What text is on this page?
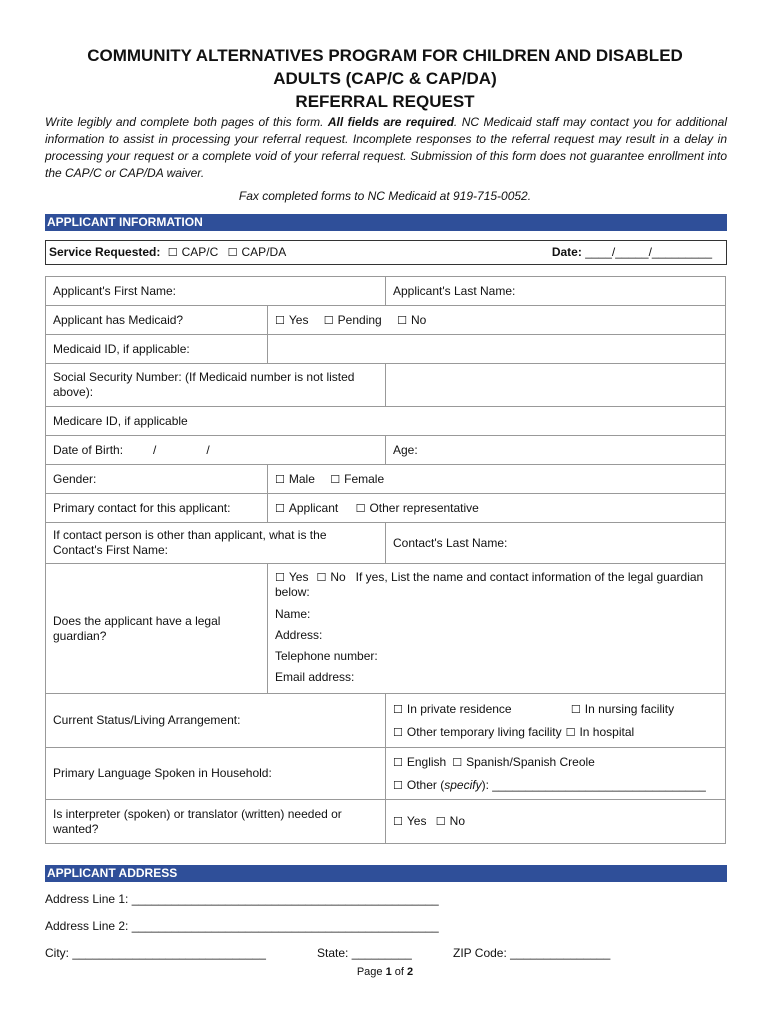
COMMUNITY ALTERNATIVES PROGRAM FOR CHILDREN AND DISABLED
ADULTS (CAP/C & CAP/DA)
REFERRAL REQUEST
Write legibly and complete both pages of this form. All fields are required. NC Medicaid staff may contact you for additional information to assist in processing your referral request. Incomplete responses to the referral request may result in a delay in processing your request or a complete void of your referral request. Submission of this form does not guarantee enrollment into the CAP/C or CAP/DA waiver.
Fax completed forms to NC Medicaid at 919-715-0052.
APPLICANT INFORMATION
Service Requested: ☐ CAP/C ☐ CAP/DA	Date: ____/_____/_________
Applicant's First Name:		Applicant's Last Name:
Applicant has Medicaid?	☐ Yes ☐ Pending ☐ No	
Medicaid ID, if applicable:		
Social Security Number: (If Medicaid number is not listed above):		
Medicare ID, if applicable		
Date of Birth: / /		Age:
Gender:	☐ Male ☐ Female	
Primary contact for this applicant:	☐ Applicant ☐ Other representative	
If contact person is other than applicant, what is the Contact's First Name:		Contact's Last Name:
Does the applicant have a legal guardian?	☐ Yes ☐ No If yes, List the name and contact information of the legal guardian below:
Name:
Address:
Telephone number:
Email address:	

Current Status/Living Arrangement:		☐ In private residence ☐ In nursing facility
☐ Other temporary living facility ☐ In hospital

Primary Language Spoken in Household:		☐ English ☐ Spanish/Spanish Creole
☐ Other (specify): ________________________________

Is interpreter (spoken) or translator (written) needed or wanted?		☐ Yes ☐ No
APPLICANT ADDRESS
Address Line 1: ______________________________________________
Address Line 2: ______________________________________________
City: _____________________________	State: _________	ZIP Code: _______________
Page 1 of 2
